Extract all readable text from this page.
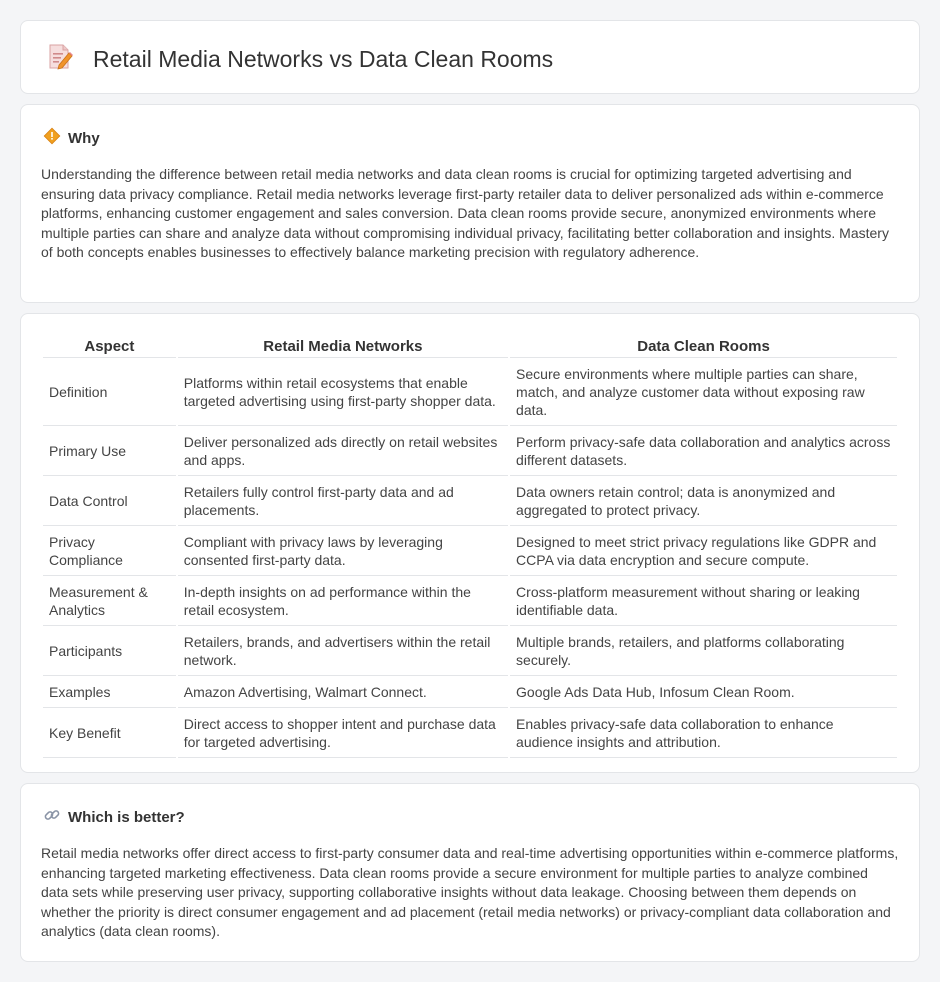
Retail Media Networks vs Data Clean Rooms
Why

Understanding the difference between retail media networks and data clean rooms is crucial for optimizing targeted advertising and ensuring data privacy compliance. Retail media networks leverage first-party retailer data to deliver personalized ads within e-commerce platforms, enhancing customer engagement and sales conversion. Data clean rooms provide secure, anonymized environments where multiple parties can share and analyze data without compromising individual privacy, facilitating better collaboration and insights. Mastery of both concepts enables businesses to effectively balance marketing precision with regulatory adherence.

Aspect	Retail Media Networks	Data Clean Rooms
Definition	Platforms within retail ecosystems that enable targeted advertising using first-party shopper data.	Secure environments where multiple parties can share, match, and analyze customer data without exposing raw data.
Primary Use	Deliver personalized ads directly on retail websites and apps.	Perform privacy-safe data collaboration and analytics across different datasets.
Data Control	Retailers fully control first-party data and ad placements.	Data owners retain control; data is anonymized and aggregated to protect privacy.
Privacy Compliance	Compliant with privacy laws by leveraging consented first-party data.	Designed to meet strict privacy regulations like GDPR and CCPA via data encryption and secure compute.
Measurement & Analytics	In-depth insights on ad performance within the retail ecosystem.	Cross-platform measurement without sharing or leaking identifiable data.
Participants	Retailers, brands, and advertisers within the retail network.	Multiple brands, retailers, and platforms collaborating securely.
Examples	Amazon Advertising, Walmart Connect.	Google Ads Data Hub, Infosum Clean Room.
Key Benefit	Direct access to shopper intent and purchase data for targeted advertising.	Enables privacy-safe data collaboration to enhance audience insights and attribution.
Which is better?

Retail media networks offer direct access to first-party consumer data and real-time advertising opportunities within e-commerce platforms, enhancing targeted marketing effectiveness. Data clean rooms provide a secure environment for multiple parties to analyze combined data sets while preserving user privacy, supporting collaborative insights without data leakage. Choosing between them depends on whether the priority is direct consumer engagement and ad placement (retail media networks) or privacy-compliant data collaboration and analytics (data clean rooms).
